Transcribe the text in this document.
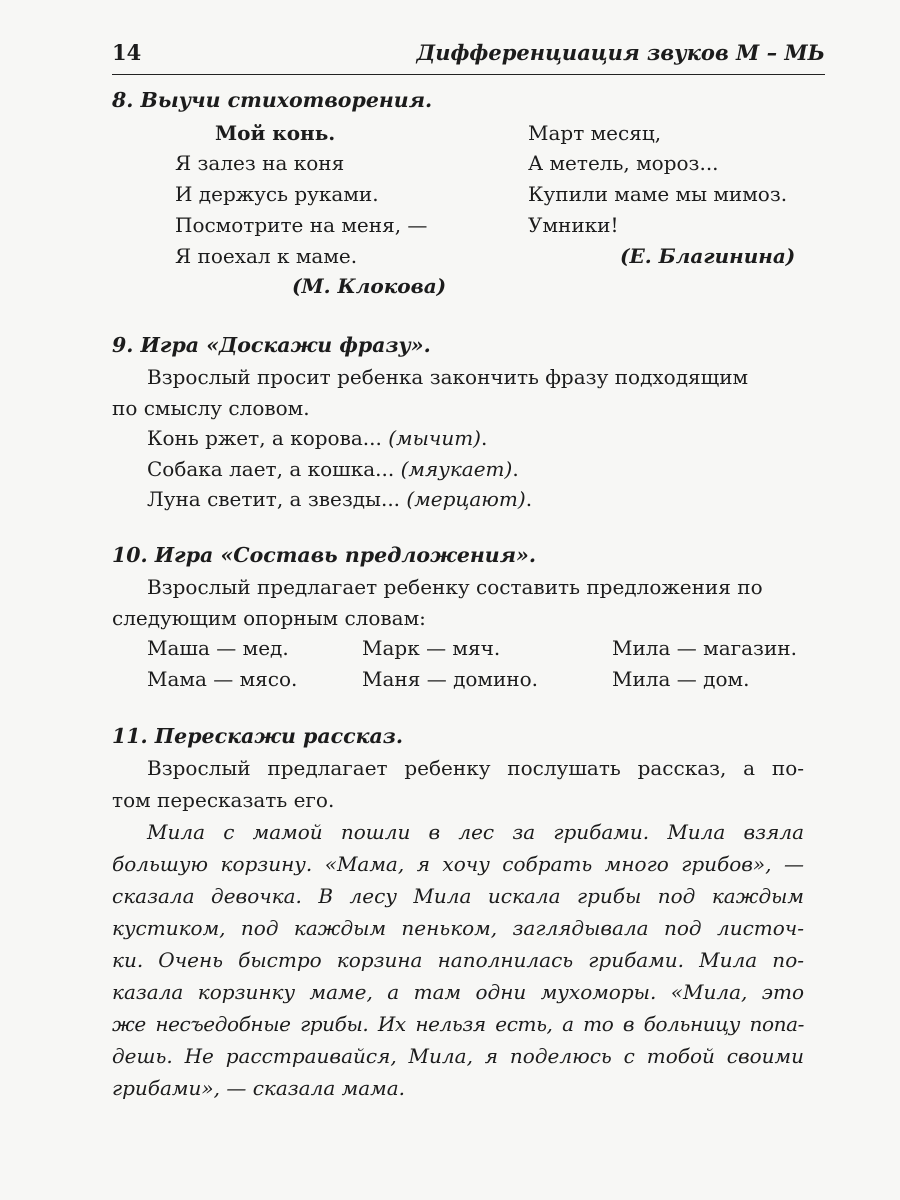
14	Дифференциация звуков М – МЬ
8. Выучи стихотворения.
Мой конь.
Я залез на коня
И держусь руками.
Посмотрите на меня, —
Я поехал к маме.
(М. Клокова)
Март месяц,
А метель, мороз...
Купили маме мы мимоз.
Умники!
(Е. Благинина)
9. Игра «Доскажи фразу».
Взрослый просит ребенка закончить фразу подходящим
по смыслу словом.
Конь ржет, а корова... (мычит).
Собака лает, а кошка... (мяукает).
Луна светит, а звезды... (мерцают).
10. Игра «Составь предложения».
Взрослый предлагает ребенку составить предложения по
следующим опорным словам:
Маша — мед.	Марк — мяч.	Мила — магазин.
Мама — мясо.	Маня — домино.	Мила — дом.
11. Перескажи рассказ.
Взрослый предлагает ребенку послушать рассказ, а по-
том пересказать его.
Мила с мамой пошли в лес за грибами. Мила взяла
большую корзину. «Мама, я хочу собрать много грибов», —
сказала девочка. В лесу Мила искала грибы под каждым
кустиком, под каждым пеньком, заглядывала под листоч-
ки. Очень быстро корзина наполнилась грибами. Мила по-
казала корзинку маме, а там одни мухоморы. «Мила, это
же несъедобные грибы. Их нельзя есть, а то в больницу попа-
дешь. Не расстраивайся, Мила, я поделюсь с тобой своими
грибами», — сказала мама.
